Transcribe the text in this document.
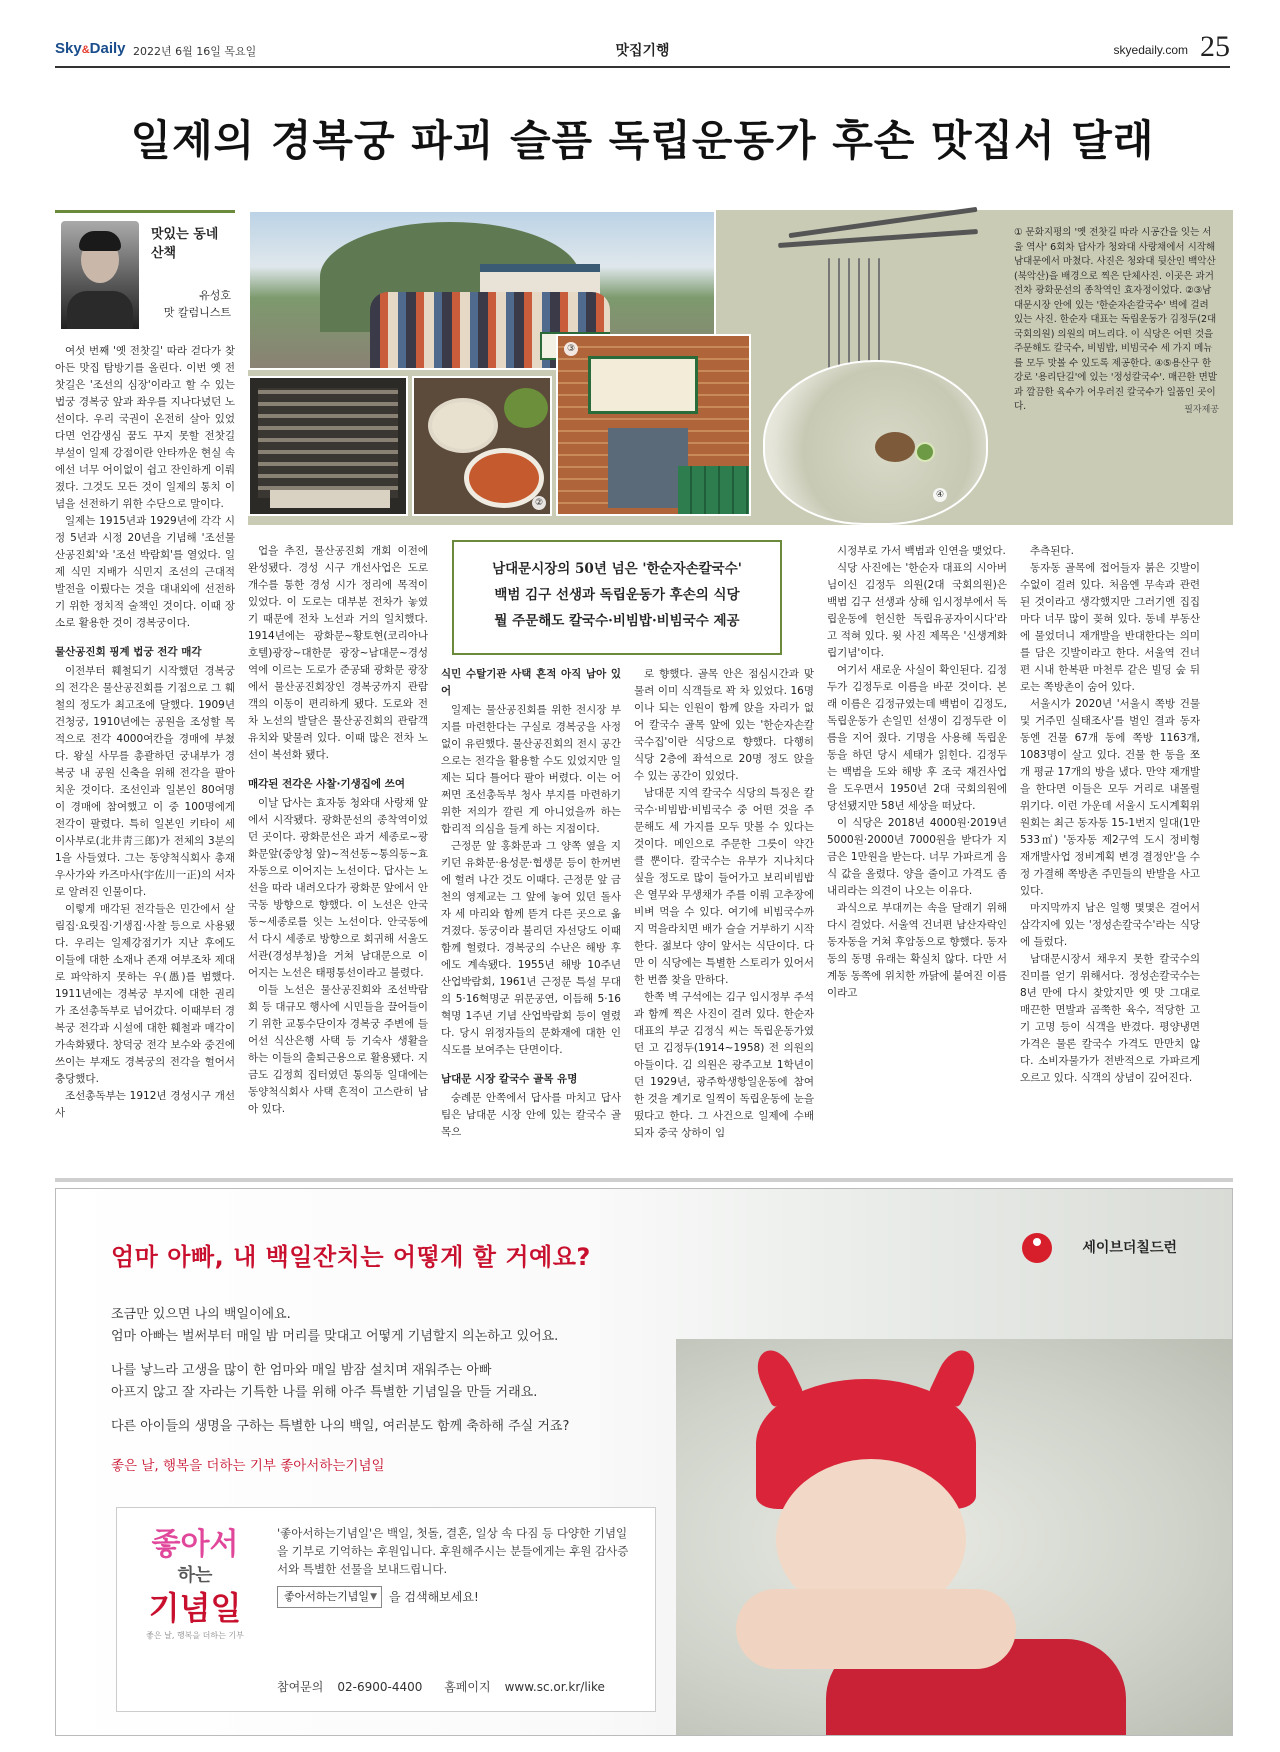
Sky&Daily 2022년 6월 16일 목요일	맛집기행	skyedaily.com 25
일제의 경복궁 파괴 슬픔 독립운동가 후손 맛집서 달래
맛있는 동네 산책
유성호
맛 칼럼니스트
②
③
④
① 문화지평의 '옛 전찻길 따라 시공간을 잇는 서울 역사' 6회차 답사가 청와대 사랑채에서 시작해 남대문에서 마쳤다. 사진은 청와대 뒷산인 백악산(북악산)을 배경으로 찍은 단체사진. 이곳은 과거 전차 광화문선의 종착역인 효자정이었다. ②③남대문시장 안에 있는 '한순자손칼국수' 벽에 걸려 있는 사진. 한순자 대표는 독립운동가 김정두(2대 국회의원) 의원의 며느리다. 이 식당은 어떤 것을 주문해도 칼국수, 비빔밥, 비빔국수 세 가지 메뉴를 모두 맛볼 수 있도록 제공한다. ④⑤용산구 한강로 '용리단길'에 있는 '정성칼국수'. 매끈한 면발과 깔끔한 육수가 어우러진 칼국수가 일품인 곳이다.	필자제공
남대문시장의 50년 넘은 '한순자손칼국수'
백범 김구 선생과 독립운동가 후손의 식당
뭘 주문해도 칼국수·비빔밥·비빔국수 제공

여섯 번째 '옛 전찻길' 따라 걷다가 찾아든 맛집 탐방기를 올린다. 이번 옛 전찻길은 '조선의 심장'이라고 할 수 있는 법궁 경복궁 앞과 좌우를 지나다녔던 노선이다. 우리 국권이 온전히 살아 있었다면 언감생심 꿈도 꾸지 못할 전찻길 부설이 일제 강점이란 안타까운 현실 속에선 너무 어이없이 쉽고 잔인하게 이뤄졌다. 그것도 모든 것이 일제의 통치 이념을 선전하기 위한 수단으로 말이다.

일제는 1915년과 1929년에 각각 시정 5년과 시정 20년을 기념해 '조선물산공진회'와 '조선 박람회'를 열었다. 일제 식민 지배가 식민지 조선의 근대적 발전을 이뤘다는 것을 대내외에 선전하기 위한 정치적 술책인 것이다. 이때 장소로 활용한 것이 경복궁이다.

물산공진회 핑계 법궁 전각 매각

이전부터 훼철되기 시작했던 경복궁의 전각은 물산공진회를 기점으로 그 훼철의 정도가 최고조에 달했다. 1909년 건청궁, 1910년에는 공원을 조성할 목적으로 전각 4000여칸을 경매에 부쳤다. 왕실 사무를 총괄하던 궁내부가 경복궁 내 공원 신축을 위해 전각을 팔아 치운 것이다. 조선인과 일본인 80여명이 경매에 참여했고 이 중 100명에게 전각이 팔렸다. 특히 일본인 키타이 세이사부로(北井靑三郎)가 전체의 3분의 1을 사들였다. 그는 동양척식회사 총재 우사가와 카즈마사(宇佐川一正)의 서자로 알려진 인물이다.

이렇게 매각된 전각들은 민간에서 살림집·요릿집·기생집·사찰 등으로 사용됐다. 우리는 일제강점기가 지난 후에도 이들에 대한 소재나 존재 여부조차 제대로 파악하지 못하는 우(愚)를 범했다. 1911년에는 경복궁 부지에 대한 권리가 조선총독부로 넘어갔다. 이때부터 경복궁 전각과 시설에 대한 훼철과 매각이 가속화됐다. 창덕궁 전각 보수와 중건에 쓰이는 부재도 경복궁의 전각을 헐어서 충당했다.

조선총독부는 1912년 경성시구 개선사

업을 추진, 물산공진회 개회 이전에 완성됐다. 경성 시구 개선사업은 도로 개수를 통한 경성 시가 정리에 목적이 있었다. 이 도로는 대부분 전차가 놓였기 때문에 전차 노선과 거의 일치했다. 1914년에는 광화문~황토현(코리아나호텔)광장~대한문 광장~남대문~경성역에 이르는 도로가 준공돼 광화문 광장에서 물산공진회장인 경복궁까지 관람객의 이동이 편리하게 됐다. 도로와 전차 노선의 발달은 물산공진회의 관람객 유치와 맞물려 있다. 이때 많은 전차 노선이 복선화 됐다.

매각된 전각은 사찰·기생집에 쓰여

이날 답사는 효자동 청와대 사랑채 앞에서 시작됐다. 광화문선의 종착역이었던 곳이다. 광화문선은 과거 세종로~광화문앞(중앙청 앞)~적선동~통의동~효자동으로 이어지는 노선이다. 답사는 노선을 따라 내려오다가 광화문 앞에서 안국동 방향으로 향했다. 이 노선은 안국동~세종로를 잇는 노선이다. 안국동에서 다시 세종로 방향으로 회귀해 서울도서관(경성부청)을 거쳐 남대문으로 이어지는 노선은 태평통선이라고 불렸다.

이들 노선은 물산공진회와 조선박람회 등 대규모 행사에 시민들을 끌어들이기 위한 교통수단이자 경복궁 주변에 들어선 식산은행 사택 등 기숙사 생활을 하는 이들의 출퇴근용으로 활용됐다. 지금도 김정희 집터였던 통의동 일대에는 동양척식회사 사택 흔적이 고스란히 남아 있다.

식민 수탈기관 사택 흔적 아직 남아 있어

일제는 물산공진회를 위한 전시장 부지를 마련한다는 구실로 경복궁을 사정없이 유린했다. 물산공진회의 전시 공간으로는 전각을 활용할 수도 있었지만 일제는 되다 틀어다 팔아 버렸다. 이는 어쩌면 조선총독부 청사 부지를 마련하기 위한 저의가 깔린 게 아니었을까 하는 합리적 의심을 들게 하는 지점이다.

근정문 앞 홍화문과 그 양쪽 옆을 지키던 유화문·용성문·협생문 등이 한꺼번에 헐려 나간 것도 이때다. 근정문 앞 금천의 영제교는 그 앞에 놓여 있던 돌사자 세 마리와 함께 뜯겨 다른 곳으로 옮겨졌다. 동궁이라 불리던 자선당도 이때 함께 헐렸다. 경복궁의 수난은 해방 후에도 계속됐다. 1955년 해방 10주년 산업박람회, 1961년 근정문 특설 무대의 5·16혁명군 위문공연, 이듬해 5·16혁명 1주년 기념 산업박람회 등이 열렸다. 당시 위정자들의 문화재에 대한 인식도를 보여주는 단면이다.

남대문 시장 칼국수 골목 유명

숭례문 안쪽에서 답사를 마치고 답사팀은 남대문 시장 안에 있는 칼국수 골목으

로 향했다. 골목 안은 점심시간과 맞물려 이미 식객들로 꽉 차 있었다. 16명이나 되는 인원이 함께 앉을 자리가 없어 칼국수 골목 앞에 있는 '한순자손칼국수집'이란 식당으로 향했다. 다행히 식당 2층에 좌석으로 20명 정도 앉을 수 있는 공간이 있었다.

남대문 지역 칼국수 식당의 특징은 칼국수·비빔밥·비빔국수 중 어떤 것을 주문해도 세 가지를 모두 맛볼 수 있다는 것이다. 메인으로 주문한 그릇이 약간 클 뿐이다. 칼국수는 유부가 지나치다 싶을 정도로 많이 들어가고 보리비빔밥은 열무와 무생채가 주를 이뤄 고추장에 비벼 먹을 수 있다. 여기에 비빔국수까지 먹을라치면 배가 슬슬 거부하기 시작한다. 젊보다 양이 앞서는 식단이다. 다만 이 식당에는 특별한 스토리가 있어서 한 번쯤 찾을 만하다.

한쪽 벽 구석에는 김구 임시정부 주석과 함께 찍은 사진이 걸려 있다. 한순자 대표의 부군 김정식 씨는 독립운동가였던 고 김정두(1914~1958) 전 의원의 아들이다. 김 의원은 광주고보 1학년이던 1929년, 광주학생항일운동에 참여한 것을 계기로 일찍이 독립운동에 눈을 떴다고 한다. 그 사건으로 일제에 수배되자 중국 상하이 임

시정부로 가서 백범과 인연을 맺었다.

식당 사진에는 '한순자 대표의 시아버님이신 김정두 의원(2대 국회의원)은 백범 김구 선생과 상해 임시정부에서 독립운동에 헌신한 독립유공자이시다'라고 적혀 있다. 윗 사진 제목은 '신생계화립기념'이다.

여기서 새로운 사실이 확인된다. 김정두가 김정두로 이름을 바꾼 것이다. 본래 이름은 김정규였는데 백범이 김정도, 독립운동가 손일민 선생이 김정두란 이름을 지어 줬다. 기명을 사용해 독립운동을 하던 당시 세태가 읽힌다. 김정두는 백범을 도와 해방 후 조국 재건사업을 도우면서 1950년 2대 국회의원에 당선됐지만 58년 세상을 떠났다.

이 식당은 2018년 4000원·2019년 5000원·2000년 7000원을 받다가 지금은 1만원을 받는다. 너무 가파르게 음식 값을 올렸다. 양을 줄이고 가격도 좀 내리라는 의견이 나오는 이유다.

과식으로 부대끼는 속을 달래기 위해 다시 걸었다. 서울역 건너편 남산자락인 동자동을 거쳐 후암동으로 향했다. 동자동의 동명 유래는 확실치 않다. 다만 서계동 동쪽에 위치한 까닭에 붙여진 이름이라고

추측된다.

동자동 골목에 접어들자 붉은 깃발이 수없이 걸려 있다. 처음엔 무속과 관련된 것이라고 생각했지만 그러기엔 집집마다 너무 많이 꽂혀 있다. 동네 부동산에 물었더니 재개발을 반대한다는 의미를 담은 깃발이라고 한다. 서울역 건너편 시내 한복판 마천루 같은 빌딩 숲 뒤로는 쪽방촌이 숨어 있다.

서울시가 2020년 '서울시 쪽방 건물 및 거주민 실태조사'를 벌인 결과 동자동엔 건물 67개 동에 쪽방 1163개, 1083명이 살고 있다. 건물 한 동을 쪼개 평균 17개의 방을 냈다. 만약 재개발을 한다면 이들은 모두 거리로 내몰릴 위기다. 이런 가운데 서울시 도시계획위원회는 최근 동자동 15-1번지 일대(1만533㎡) '동자동 제2구역 도시 정비형 재개발사업 정비계획 변경 결정안'을 수정 가결해 쪽방촌 주민들의 반발을 사고 있다.

마지막까지 남은 일행 몇몇은 걸어서 삼각지에 있는 '정성손칼국수'라는 식당에 들렀다.

남대문시장서 채우지 못한 칼국수의 진미를 얻기 위해서다. 정성손칼국수는 8년 만에 다시 찾았지만 옛 맛 그대로 매끈한 면발과 곰쭉한 육수, 적당한 고기 고명 등이 식객을 반겼다. 평양냉면 가격은 물론 칼국수 가격도 만만치 않다. 소비자물가가 전반적으로 가파르게 오르고 있다. 식객의 상념이 깊어진다.

엄마 아빠, 내 백일잔치는 어떻게 할 거예요?	세이브더칠드런
조금만 있으면 나의 백일이에요.
엄마 아빠는 벌써부터 매일 밤 머리를 맞대고 어떻게 기념할지 의논하고 있어요.
나를 낳느라 고생을 많이 한 엄마와 매일 밤잠 설치며 재워주는 아빠
아프지 않고 잘 자라는 기특한 나를 위해 아주 특별한 기념일을 만들 거래요.
다른 아이들의 생명을 구하는 특별한 나의 백일, 여러분도 함께 축하해 주실 거죠?
좋은 날, 행복을 더하는 기부 좋아서하는기념일
좋아서
하는
기념일
좋은 날, 행복을 더하는 기부
'좋아서하는기념일'은 백일, 첫돌, 결혼, 일상 속 다짐 등 다양한 기념일을 기부로 기억하는 후원입니다. 후원해주시는 분들에게는 후원 감사증서와 특별한 선물을 보내드립니다.
좋아서하는기념일 ▼ 을 검색해보세요!
참여문의 02-6900-4400 홈페이지 www.sc.or.kr/like
